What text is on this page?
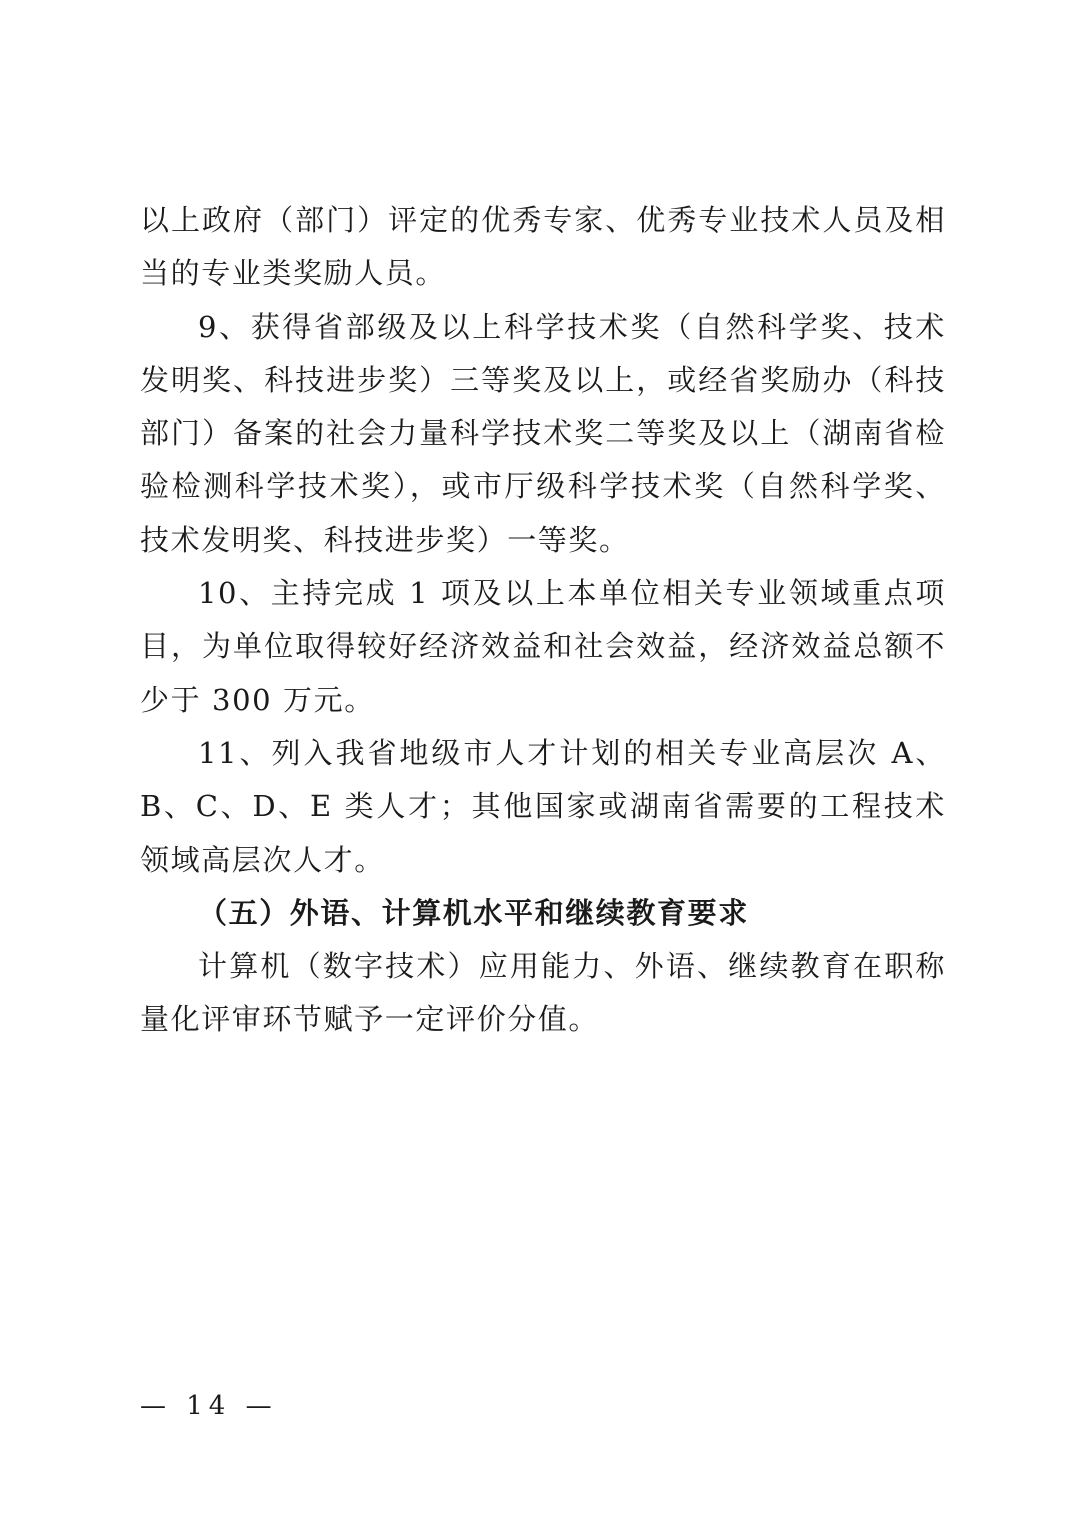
以上政府（部门）评定的优秀专家、优秀专业技术人员及相当的专业类奖励人员。

9、获得省部级及以上科学技术奖（自然科学奖、技术发明奖、科技进步奖）三等奖及以上，或经省奖励办（科技部门）备案的社会力量科学技术奖二等奖及以上（湖南省检验检测科学技术奖），或市厅级科学技术奖（自然科学奖、技术发明奖、科技进步奖）一等奖。

10、主持完成 1 项及以上本单位相关专业领域重点项目，为单位取得较好经济效益和社会效益，经济效益总额不少于 300 万元。

11、列入我省地级市人才计划的相关专业高层次 A、B、C、D、E 类人才；其他国家或湖南省需要的工程技术领域高层次人才。

（五）外语、计算机水平和继续教育要求

计算机（数字技术）应用能力、外语、继续教育在职称量化评审环节赋予一定评价分值。

— 14 —
